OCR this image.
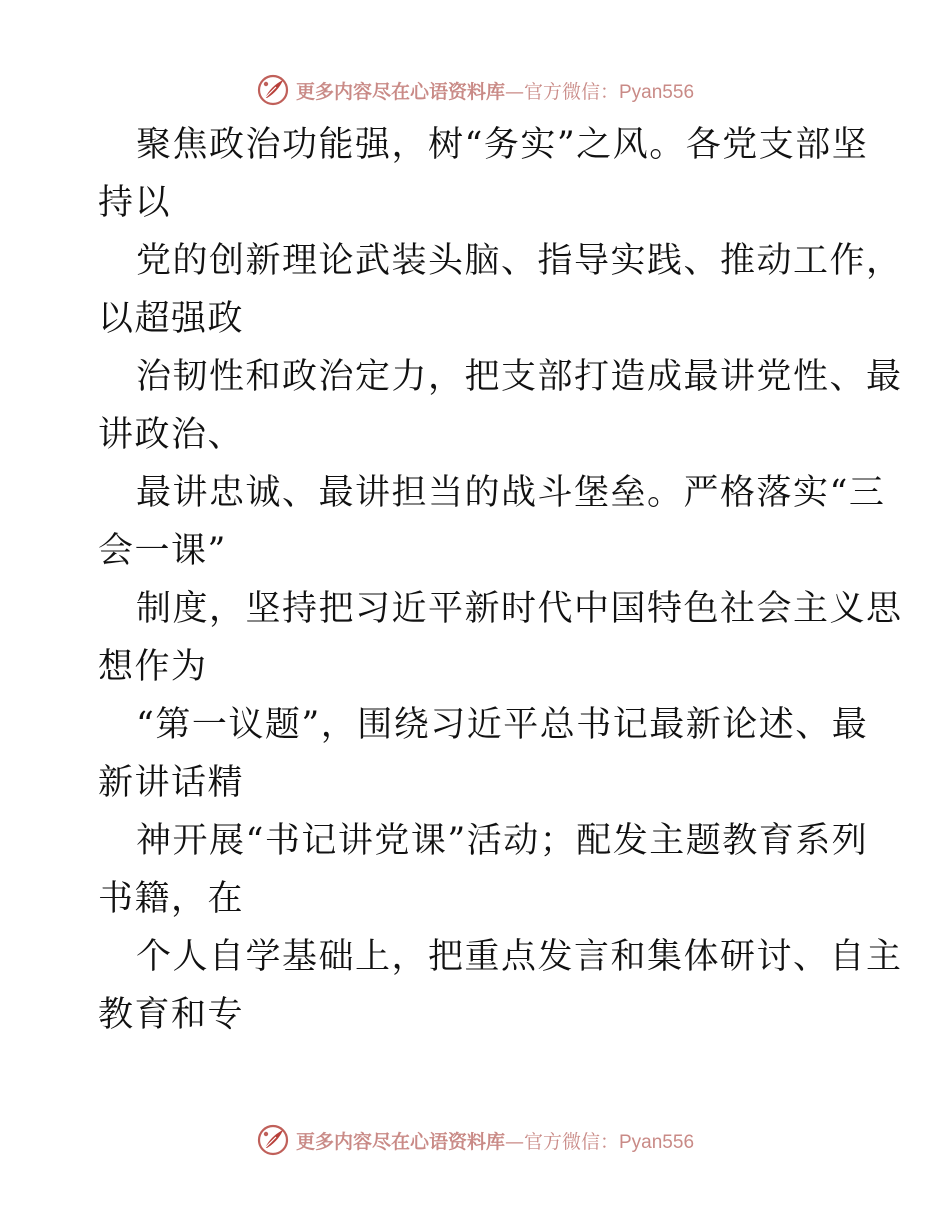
更多内容尽在心语资料库—官方微信：Pyan556
聚焦政治功能强，树“务实”之风。各党支部坚
持以
党的创新理论武装头脑、指导实践、推动工作，
以超强政
治韧性和政治定力，把支部打造成最讲党性、最
讲政治、
最讲忠诚、最讲担当的战斗堡垒。严格落实“三
会一课”
制度，坚持把习近平新时代中国特色社会主义思
想作为
“第一议题”，围绕习近平总书记最新论述、最
新讲话精
神开展“书记讲党课”活动；配发主题教育系列
书籍，在
个人自学基础上，把重点发言和集体研讨、自主
教育和专
更多内容尽在心语资料库—官方微信：Pyan556
